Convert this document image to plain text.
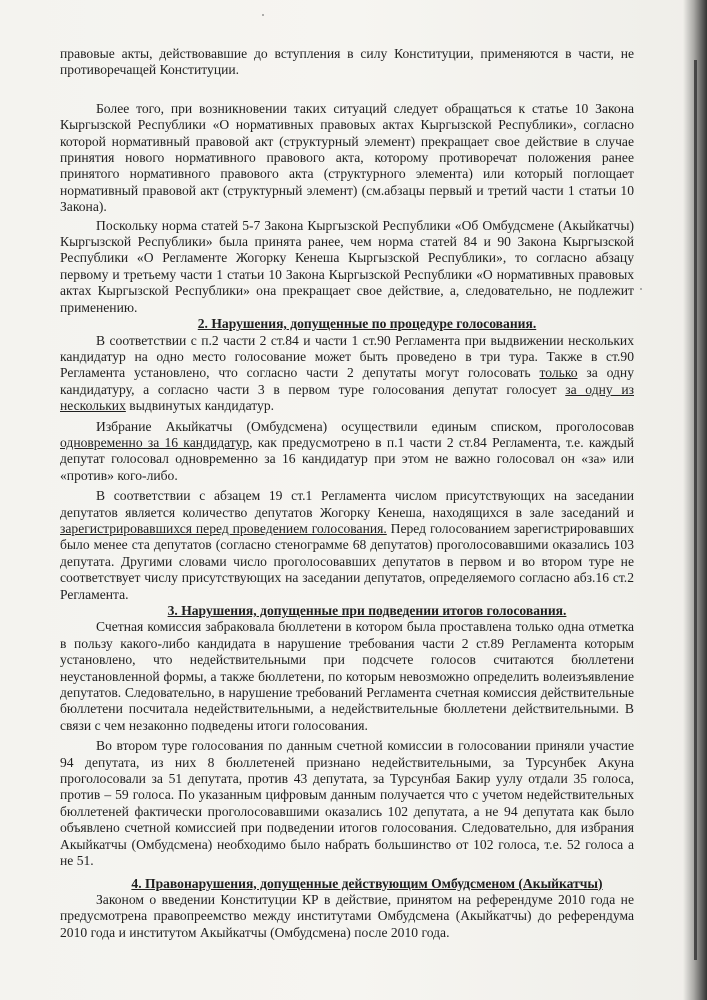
правовые акты, действовавшие до вступления в силу Конституции, применяются в части, не противоречащей Конституции.

Более того, при возникновении таких ситуаций следует обращаться к статье 10 Закона Кыргызской Республики «О нормативных правовых актах Кыргызской Республики», согласно которой нормативный правовой акт (структурный элемент) прекращает свое действие в случае принятия нового нормативного правового акта, которому противоречат положения ранее принятого нормативного правового акта (структурного элемента) или который поглощает нормативный правовой акт (структурный элемент) (см.абзацы первый и третий части 1 статьи 10 Закона).

Поскольку норма статей 5-7 Закона Кыргызской Республики «Об Омбудсмене (Акыйкатчы) Кыргызской Республики» была принята ранее, чем норма статей 84 и 90 Закона Кыргызской Республики «О Регламенте Жогорку Кенеша Кыргызской Республики», то согласно абзацу первому и третьему части 1 статьи 10 Закона Кыргызской Республики «О нормативных правовых актах Кыргызской Республики» она прекращает свое действие, а, следовательно, не подлежит применению.

2. Нарушения, допущенные по процедуре голосования.

В соответствии с п.2 части 2 ст.84 и части 1 ст.90 Регламента при выдвижении нескольких кандидатур на одно место голосование может быть проведено в три тура. Также в ст.90 Регламента установлено, что согласно части 2 депутаты могут голосовать только за одну кандидатуру, а согласно части 3 в первом туре голосования депутат голосует за одну из нескольких выдвинутых кандидатур.

Избрание Акыйкатчы (Омбудсмена) осуществили единым списком, проголосовав одновременно за 16 кандидатур, как предусмотрено в п.1 части 2 ст.84 Регламента, т.е. каждый депутат голосовал одновременно за 16 кандидатур при этом не важно голосовал он «за» или «против» кого-либо.

В соответствии с абзацем 19 ст.1 Регламента числом присутствующих на заседании депутатов является количество депутатов Жогорку Кенеша, находящихся в зале заседаний и зарегистрировавшихся перед проведением голосования. Перед голосованием зарегистрировавших было менее ста депутатов (согласно стенограмме 68 депутатов) проголосовавшими оказались 103 депутата. Другими словами число проголосовавших депутатов в первом и во втором туре не соответствует числу присутствующих на заседании депутатов, определяемого согласно абз.16 ст.2 Регламента.

3. Нарушения, допущенные при подведении итогов голосования.

Счетная комиссия забраковала бюллетени в котором была проставлена только одна отметка в пользу какого-либо кандидата в нарушение требования части 2 ст.89 Регламента которым установлено, что недействительными при подсчете голосов считаются бюллетени неустановленной формы, а также бюллетени, по которым невозможно определить волеизъявление депутатов. Следовательно, в нарушение требований Регламента счетная комиссия действительные бюллетени посчитала недействительными, а недействительные бюллетени действительными. В связи с чем незаконно подведены итоги голосования.

Во втором туре голосования по данным счетной комиссии в голосовании приняли участие 94 депутата, из них 8 бюллетеней признано недействительными, за Турсунбек Акуна проголосовали за 51 депутата, против 43 депутата, за Турсунбая Бакир уулу отдали 35 голоса, против – 59 голоса. По указанным цифровым данным получается что с учетом недействительных бюллетеней фактически проголосовавшими оказались 102 депутата, а не 94 депутата как было объявлено счетной комиссией при подведении итогов голосования. Следовательно, для избрания Акыйкатчы (Омбудсмена) необходимо было набрать большинство от 102 голоса, т.е. 52 голоса а не 51.

4. Правонарушения, допущенные действующим Омбудсменом (Акыйкатчы)

Законом о введении Конституции КР в действие, принятом на референдуме 2010 года не предусмотрена правопреемство между институтами Омбудсмена (Акыйкатчы) до референдума 2010 года и институтом Акыйкатчы (Омбудсмена) после 2010 года.
